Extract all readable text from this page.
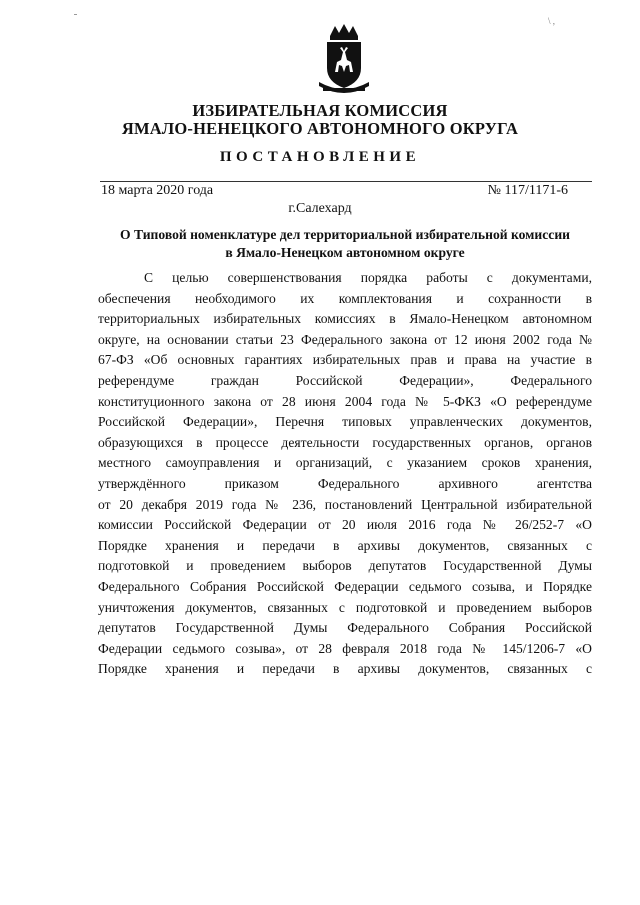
\ ,
ИЗБИРАТЕЛЬНАЯ КОМИССИЯ
ЯМАЛО-НЕНЕЦКОГО АВТОНОМНОГО ОКРУГА
ПОСТАНОВЛЕНИЕ
18 марта 2020 года	№ 117/1171-6
г.Салехард
О Типовой номенклатуре дел территориальной избирательной комиссии
в Ямало-Ненецком автономном округе
С целью совершенствования порядка работы с документами,
обеспечения необходимого их комплектования и сохранности в
территориальных избирательных комиссиях в Ямало-Ненецком автономном
округе, на основании статьи 23 Федерального закона от 12 июня 2002 года №
67-ФЗ «Об основных гарантиях избирательных прав и права на участие в
референдуме граждан Российской Федерации», Федерального
конституционного закона от 28 июня 2004 года № 5-ФКЗ «О референдуме
Российской Федерации», Перечня типовых управленческих документов,
образующихся в процессе деятельности государственных органов, органов
местного самоуправления и организаций, с указанием сроков хранения,
утверждённого приказом Федерального архивного агентства
от 20 декабря 2019 года № 236, постановлений Центральной избирательной
комиссии Российской Федерации от 20 июля 2016 года № 26/252-7 «О
Порядке хранения и передачи в архивы документов, связанных с
подготовкой и проведением выборов депутатов Государственной Думы
Федерального Собрания Российской Федерации седьмого созыва, и Порядке
уничтожения документов, связанных с подготовкой и проведением выборов
депутатов Государственной Думы Федерального Собрания Российской
Федерации седьмого созыва», от 28 февраля 2018 года № 145/1206-7 «О
Порядке хранения и передачи в архивы документов, связанных с
